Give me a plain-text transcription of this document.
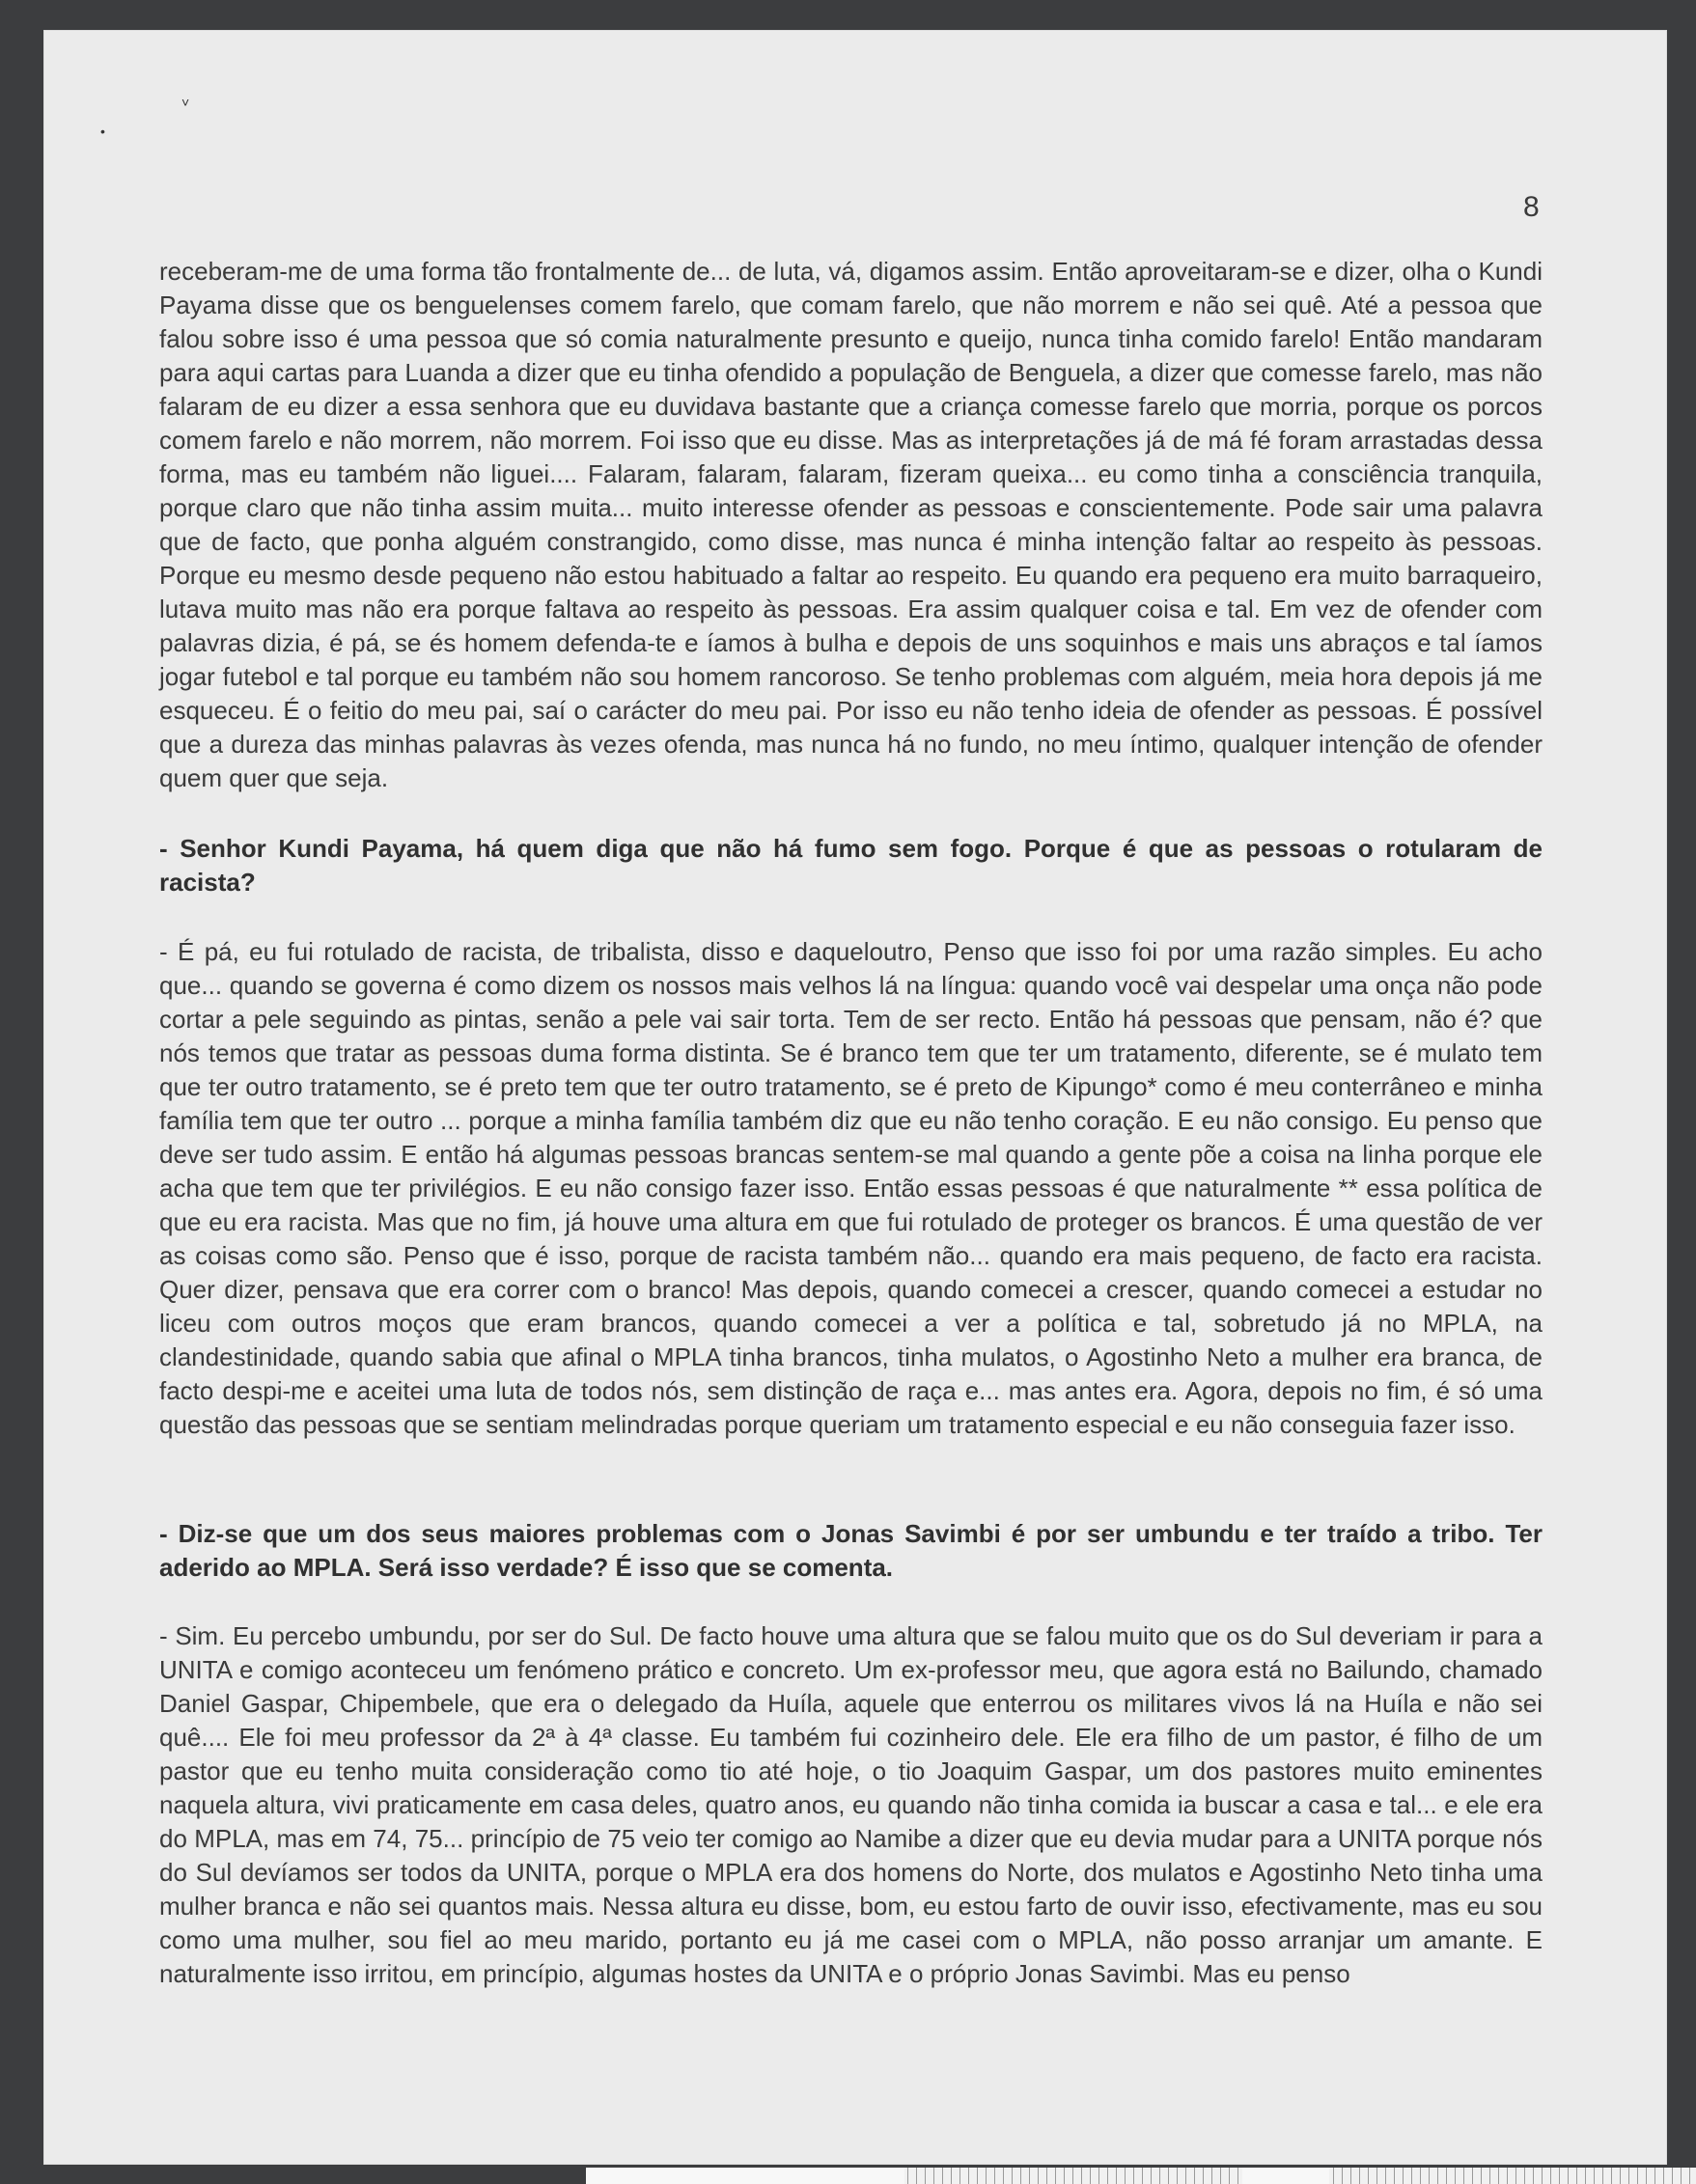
˅
•
8

receberam-me de uma forma tão frontalmente de... de luta, vá, digamos assim. Então aproveitaram-se e dizer, olha o Kundi Payama disse que os benguelenses comem farelo, que comam farelo, que não morrem e não sei quê. Até a pessoa que falou sobre isso é uma pessoa que só comia naturalmente presunto e queijo, nunca tinha comido farelo! Então mandaram para aqui cartas para Luanda a dizer que eu tinha ofendido a população de Benguela, a dizer que comesse farelo, mas não falaram de eu dizer a essa senhora que eu duvidava bastante que a criança comesse farelo que morria, porque os porcos comem farelo e não morrem, não morrem. Foi isso que eu disse. Mas as interpretações já de má fé foram arrastadas dessa forma, mas eu também não liguei.... Falaram, falaram, falaram, fizeram queixa... eu como tinha a consciência tranquila, porque claro que não tinha assim muita... muito interesse ofender as pessoas e conscientemente. Pode sair uma palavra que de facto, que ponha alguém constrangido, como disse, mas nunca é minha intenção faltar ao respeito às pessoas. Porque eu mesmo desde pequeno não estou habituado a faltar ao respeito. Eu quando era pequeno era muito barraqueiro, lutava muito mas não era porque faltava ao respeito às pessoas. Era assim qualquer coisa e tal. Em vez de ofender com palavras dizia, é pá, se és homem defenda-te e íamos à bulha e depois de uns soquinhos e mais uns abraços e tal íamos jogar futebol e tal porque eu também não sou homem rancoroso. Se tenho problemas com alguém, meia hora depois já me esqueceu. É o feitio do meu pai, saí o carácter do meu pai. Por isso eu não tenho ideia de ofender as pessoas. É possível que a dureza das minhas palavras às vezes ofenda, mas nunca há no fundo, no meu íntimo, qualquer intenção de ofender quem quer que seja.

- Senhor Kundi Payama, há quem diga que não há fumo sem fogo. Porque é que as pessoas o rotularam de racista?

- É pá, eu fui rotulado de racista, de tribalista, disso e daqueloutro, Penso que isso foi por uma razão simples. Eu acho que... quando se governa é como dizem os nossos mais velhos lá na língua: quando você vai despelar uma onça não pode cortar a pele seguindo as pintas, senão a pele vai sair torta. Tem de ser recto. Então há pessoas que pensam, não é? que nós temos que tratar as pessoas duma forma distinta. Se é branco tem que ter um tratamento, diferente, se é mulato tem que ter outro tratamento, se é preto tem que ter outro tratamento, se é preto de Kipungo* como é meu conterrâneo e minha família tem que ter outro ... porque a minha família também diz que eu não tenho coração. E eu não consigo. Eu penso que deve ser tudo assim. E então há algumas pessoas brancas sentem-se mal quando a gente põe a coisa na linha porque ele acha que tem que ter privilégios. E eu não consigo fazer isso. Então essas pessoas é que naturalmente ** essa política de que eu era racista. Mas que no fim, já houve uma altura em que fui rotulado de proteger os brancos. É uma questão de ver as coisas como são. Penso que é isso, porque de racista também não... quando era mais pequeno, de facto era racista. Quer dizer, pensava que era correr com o branco! Mas depois, quando comecei a crescer, quando comecei a estudar no liceu com outros moços que eram brancos, quando comecei a ver a política e tal, sobretudo já no MPLA, na clandestinidade, quando sabia que afinal o MPLA tinha brancos, tinha mulatos, o Agostinho Neto a mulher era branca, de facto despi-me e aceitei uma luta de todos nós, sem distinção de raça e... mas antes era. Agora, depois no fim, é só uma questão das pessoas que se sentiam melindradas porque queriam um tratamento especial e eu não conseguia fazer isso.

- Diz-se que um dos seus maiores problemas com o Jonas Savimbi é por ser umbundu e ter traído a tribo. Ter aderido ao MPLA. Será isso verdade? É isso que se comenta.

- Sim. Eu percebo umbundu, por ser do Sul. De facto houve uma altura que se falou muito que os do Sul deveriam ir para a UNITA e comigo aconteceu um fenómeno prático e concreto. Um ex-professor meu, que agora está no Bailundo, chamado Daniel Gaspar, Chipembele, que era o delegado da Huíla, aquele que enterrou os militares vivos lá na Huíla e não sei quê.... Ele foi meu professor da 2ª à 4ª classe. Eu também fui cozinheiro dele. Ele era filho de um pastor, é filho de um pastor que eu tenho muita consideração como tio até hoje, o tio Joaquim Gaspar, um dos pastores muito eminentes naquela altura, vivi praticamente em casa deles, quatro anos, eu quando não tinha comida ia buscar a casa e tal... e ele era do MPLA, mas em 74, 75... princípio de 75 veio ter comigo ao Namibe a dizer que eu devia mudar para a UNITA porque nós do Sul devíamos ser todos da UNITA, porque o MPLA era dos homens do Norte, dos mulatos e Agostinho Neto tinha uma mulher branca e não sei quantos mais. Nessa altura eu disse, bom, eu estou farto de ouvir isso, efectivamente, mas eu sou como uma mulher, sou fiel ao meu marido, portanto eu já me casei com o MPLA, não posso arranjar um amante. E naturalmente isso irritou, em princípio, algumas hostes da UNITA e o próprio Jonas Savimbi. Mas eu penso
